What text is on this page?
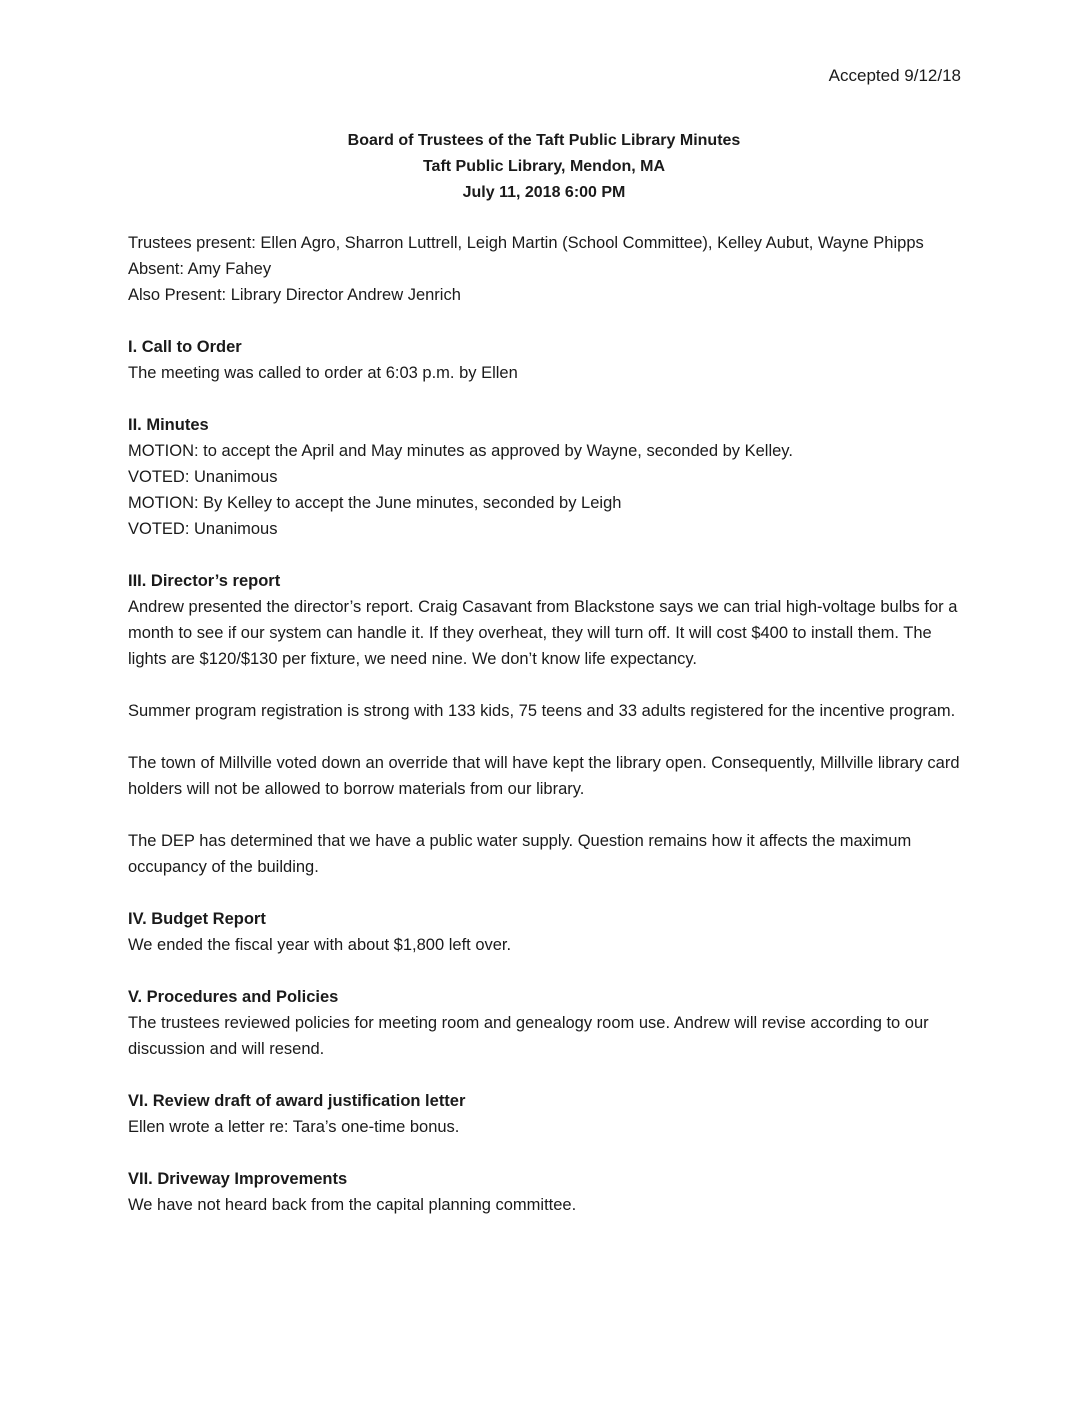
Accepted 9/12/18
Board of Trustees of the Taft Public Library Minutes
Taft Public Library, Mendon, MA
July 11, 2018 6:00 PM

Trustees present: Ellen Agro, Sharron Luttrell, Leigh Martin (School Committee), Kelley Aubut, Wayne Phipps

Absent: Amy Fahey

Also Present: Library Director Andrew Jenrich

I. Call to Order

The meeting was called to order at 6:03 p.m. by Ellen

II. Minutes

MOTION: to accept the April and May minutes as approved by Wayne, seconded by Kelley.

VOTED: Unanimous

MOTION: By Kelley to accept the June minutes, seconded by Leigh

VOTED: Unanimous

III. Director’s report

Andrew presented the director’s report. Craig Casavant from Blackstone says we can trial high-voltage bulbs for a month to see if our system can handle it. If they overheat, they will turn off. It will cost $400 to install them. The lights are $120/$130 per fixture, we need nine. We don’t know life expectancy.

Summer program registration is strong with 133 kids, 75 teens and 33 adults registered for the incentive program.

The town of Millville voted down an override that will have kept the library open. Consequently, Millville library card holders will not be allowed to borrow materials from our library.

The DEP has determined that we have a public water supply. Question remains how it affects the maximum occupancy of the building.

IV. Budget Report

We ended the fiscal year with about $1,800 left over.

V. Procedures and Policies

The trustees reviewed policies for meeting room and genealogy room use. Andrew will revise according to our discussion and will resend.

VI. Review draft of award justification letter

Ellen wrote a letter re: Tara’s one-time bonus.

VII. Driveway Improvements

We have not heard back from the capital planning committee.
